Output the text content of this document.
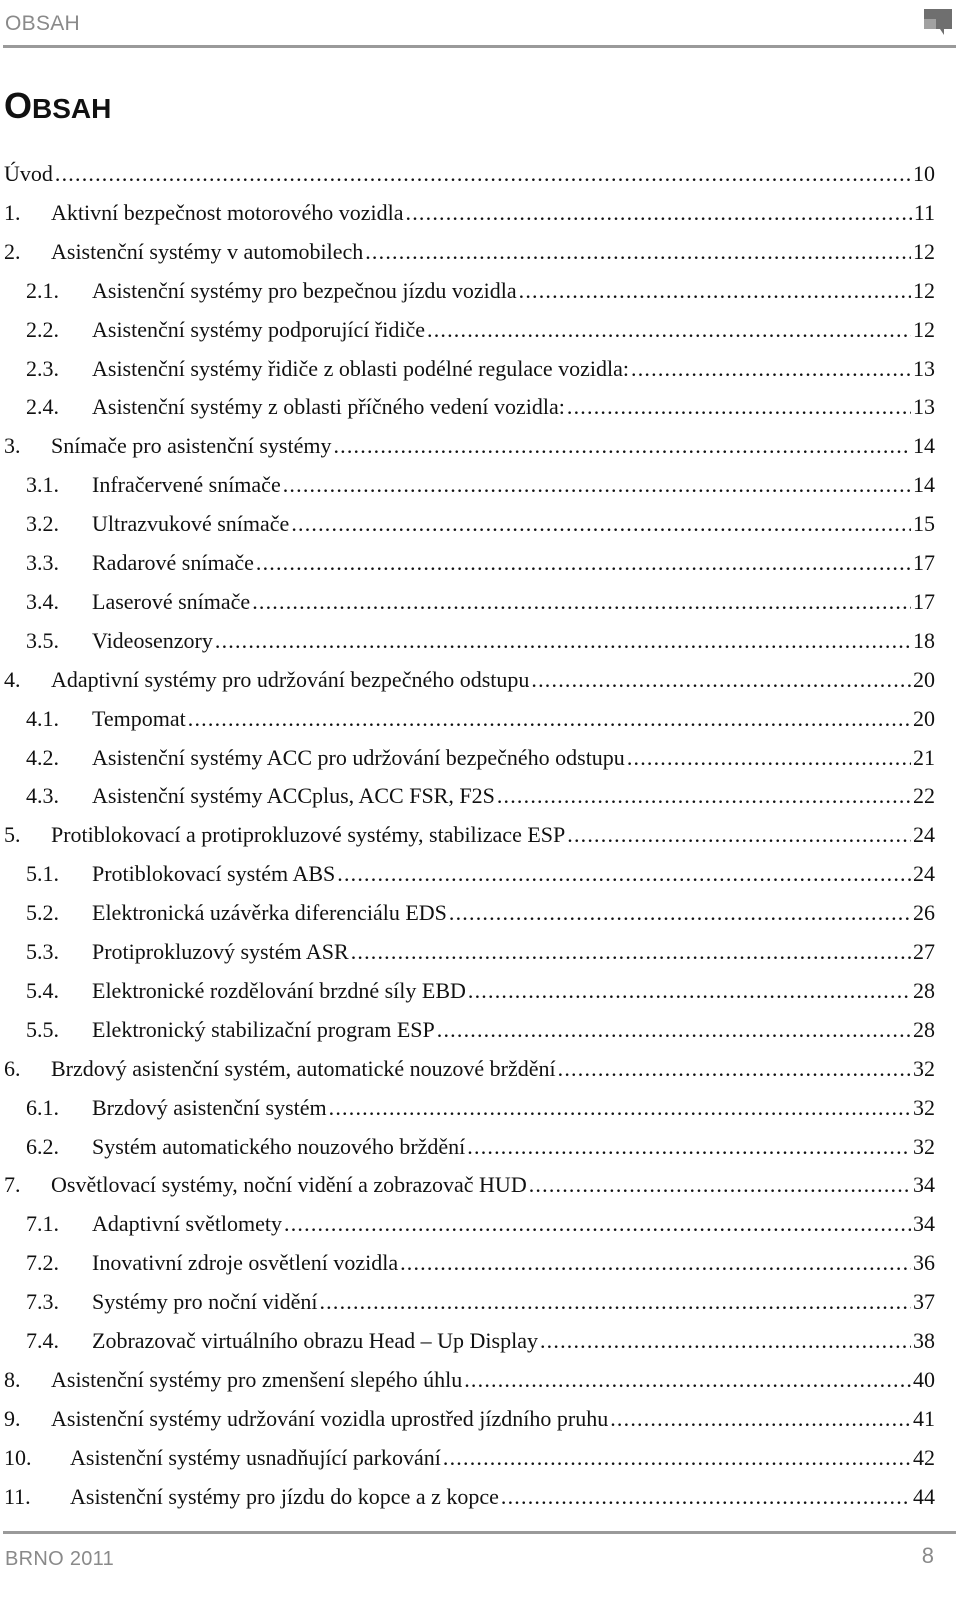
OBSAH
OBSAH
Úvod .....	10
1. Aktivní bezpečnost motorového vozidla .....	11
2. Asistenční systémy v automobilech .....	12
2.1. Asistenční systémy pro bezpečnou jízdu vozidla .....	12
2.2. Asistenční systémy podporující řidiče .....	12
2.3. Asistenční systémy řidiče z oblasti podélné regulace vozidla: .....	13
2.4. Asistenční systémy z oblasti příčného vedení vozidla: .....	13
3. Snímače pro asistenční systémy .....	14
3.1. Infračervené snímače .....	14
3.2. Ultrazvukové snímače .....	15
3.3. Radarové snímače .....	17
3.4. Laserové snímače .....	17
3.5. Videosenzory .....	18
4. Adaptivní systémy pro udržování bezpečného odstupu .....	20
4.1. Tempomat .....	20
4.2. Asistenční systémy ACC pro udržování bezpečného odstupu .....	21
4.3. Asistenční systémy ACCplus, ACC FSR, F2S .....	22
5. Protiblokovací a protiprokluzové systémy, stabilizace ESP .....	24
5.1. Protiblokovací systém ABS .....	24
5.2. Elektronická uzávěrka diferenciálu EDS .....	26
5.3. Protiprokluzový systém ASR .....	27
5.4. Elektronické rozdělování brzdné síly EBD .....	28
5.5. Elektronický stabilizační program ESP .....	28
6. Brzdový asistenční systém, automatické nouzové brždění .....	32
6.1. Brzdový asistenční systém .....	32
6.2. Systém automatického nouzového brždění .....	32
7. Osvětlovací systémy, noční vidění a zobrazovač HUD .....	34
7.1. Adaptivní světlomety .....	34
7.2. Inovativní zdroje osvětlení vozidla .....	36
7.3. Systémy pro noční vidění .....	37
7.4. Zobrazovač virtuálního obrazu Head – Up Display .....	38
8. Asistenční systémy pro zmenšení slepého úhlu .....	40
9. Asistenční systémy udržování vozidla uprostřed jízdního pruhu .....	41
10. Asistenční systémy usnadňující parkování .....	42
11. Asistenční systémy pro jízdu do kopce a z kopce .....	44
BRNO 2011	8
